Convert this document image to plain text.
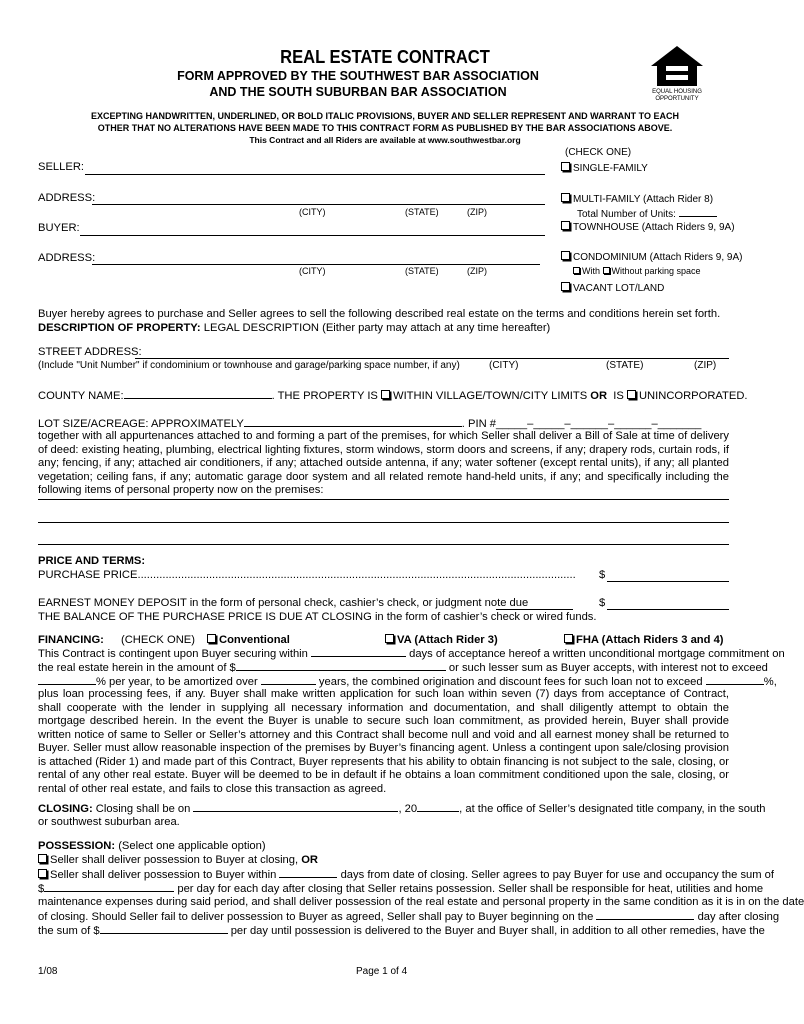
REAL ESTATE CONTRACT
FORM APPROVED BY THE SOUTHWEST BAR ASSOCIATION
AND THE SOUTH SUBURBAN BAR ASSOCIATION	EQUAL HOUSING
OPPORTUNITY
EXCEPTING HANDWRITTEN, UNDERLINED, OR BOLD ITALIC PROVISIONS, BUYER AND SELLER REPRESENT AND WARRANT TO EACH
OTHER THAT NO ALTERATIONS HAVE BEEN MADE TO THIS CONTRACT FORM AS PUBLISHED BY THE BAR ASSOCIATIONS ABOVE.
This Contract and all Riders are available at www.southwestbar.org
SELLER:
ADDRESS:
(CITY)	(STATE)	(ZIP)
BUYER:
ADDRESS:
(CITY)	(STATE)	(ZIP)
(CHECK ONE)
SINGLE-FAMILY
MULTI-FAMILY (Attach Rider 8)
Total Number of Units:
TOWNHOUSE (Attach Riders 9, 9A)
CONDOMINIUM (Attach Riders 9, 9A)
With Without parking space
VACANT LOT/LAND
Buyer hereby agrees to purchase and Seller agrees to sell the following described real estate on the terms and conditions herein set forth.
DESCRIPTION OF PROPERTY: LEGAL DESCRIPTION (Either party may attach at any time hereafter)
STREET ADDRESS:
(Include "Unit Number" if condominium or townhouse and garage/parking space number, if any)	(CITY)	(STATE)	(ZIP)
COUNTY NAME:	. THE PROPERTY IS WITHIN VILLAGE/TOWN/CITY LIMITS OR IS UNINCORPORATED.
LOT SIZE/ACREAGE: APPROXIMATELY	. PIN #_____–_____–______–______–_______
together with all appurtenances attached to and forming a part of the premises, for which Seller shall deliver a Bill of Sale at time of delivery of deed: existing heating, plumbing, electrical lighting fixtures, storm windows, storm doors and screens, if any; drapery rods, curtain rods, if any; fencing, if any; attached air conditioners, if any; attached outside antenna, if any; water softener (except rental units), if any; all planted vegetation; ceiling fans, if any; automatic garage door system and all related remote hand-held units, if any; and specifically including the following items of personal property now on the premises:
PRICE AND TERMS:
PURCHASE PRICE............................................................................................................................................. $
EARNEST MONEY DEPOSIT in the form of personal check, cashier’s check, or judgment note due	$
THE BALANCE OF THE PURCHASE PRICE IS DUE AT CLOSING in the form of cashier’s check or wired funds.
FINANCING: (CHECK ONE)	Conventional	VA (Attach Rider 3)	FHA (Attach Riders 3 and 4)
This Contract is contingent upon Buyer securing within	days of acceptance hereof a written unconditional mortgage commitment on
the real estate herein in the amount of $	or such lesser sum as Buyer accepts, with interest not to exceed
% per year, to be amortized over	years, the combined origination and discount fees for such loan not to exceed	%,
plus loan processing fees, if any. Buyer shall make written application for such loan within seven (7) days from acceptance of Contract, shall cooperate with the lender in supplying all necessary information and documentation, and shall diligently attempt to obtain the mortgage described herein. In the event the Buyer is unable to secure such loan commitment, as provided herein, Buyer shall provide written notice of same to Seller or Seller’s attorney and this Contract shall become null and void and all earnest money shall be returned to Buyer. Seller must allow reasonable inspection of the premises by Buyer’s financing agent. Unless a contingent upon sale/closing provision is attached (Rider 1) and made part of this Contract, Buyer represents that his ability to obtain financing is not subject to the sale, closing, or rental of any other real estate. Buyer will be deemed to be in default if he obtains a loan commitment conditioned upon the sale, closing, or rental of other real estate, and fails to close this transaction as agreed.
CLOSING: Closing shall be on	, 20	, at the office of Seller’s designated title company, in the south
or southwest suburban area.
POSSESSION: (Select one applicable option)
Seller shall deliver possession to Buyer at closing, OR
Seller shall deliver possession to Buyer within	days from date of closing. Seller agrees to pay Buyer for use and occupancy the sum of
$	per day for each day after closing that Seller retains possession. Seller shall be responsible for heat, utilities and home
maintenance expenses during said period, and shall deliver possession of the real estate and personal property in the same condition as it is in on the date
of closing. Should Seller fail to deliver possession to Buyer as agreed, Seller shall pay to Buyer beginning on the	day after closing
the sum of $	per day until possession is delivered to the Buyer and Buyer shall, in addition to all other remedies, have the
1/08	Page 1 of 4
